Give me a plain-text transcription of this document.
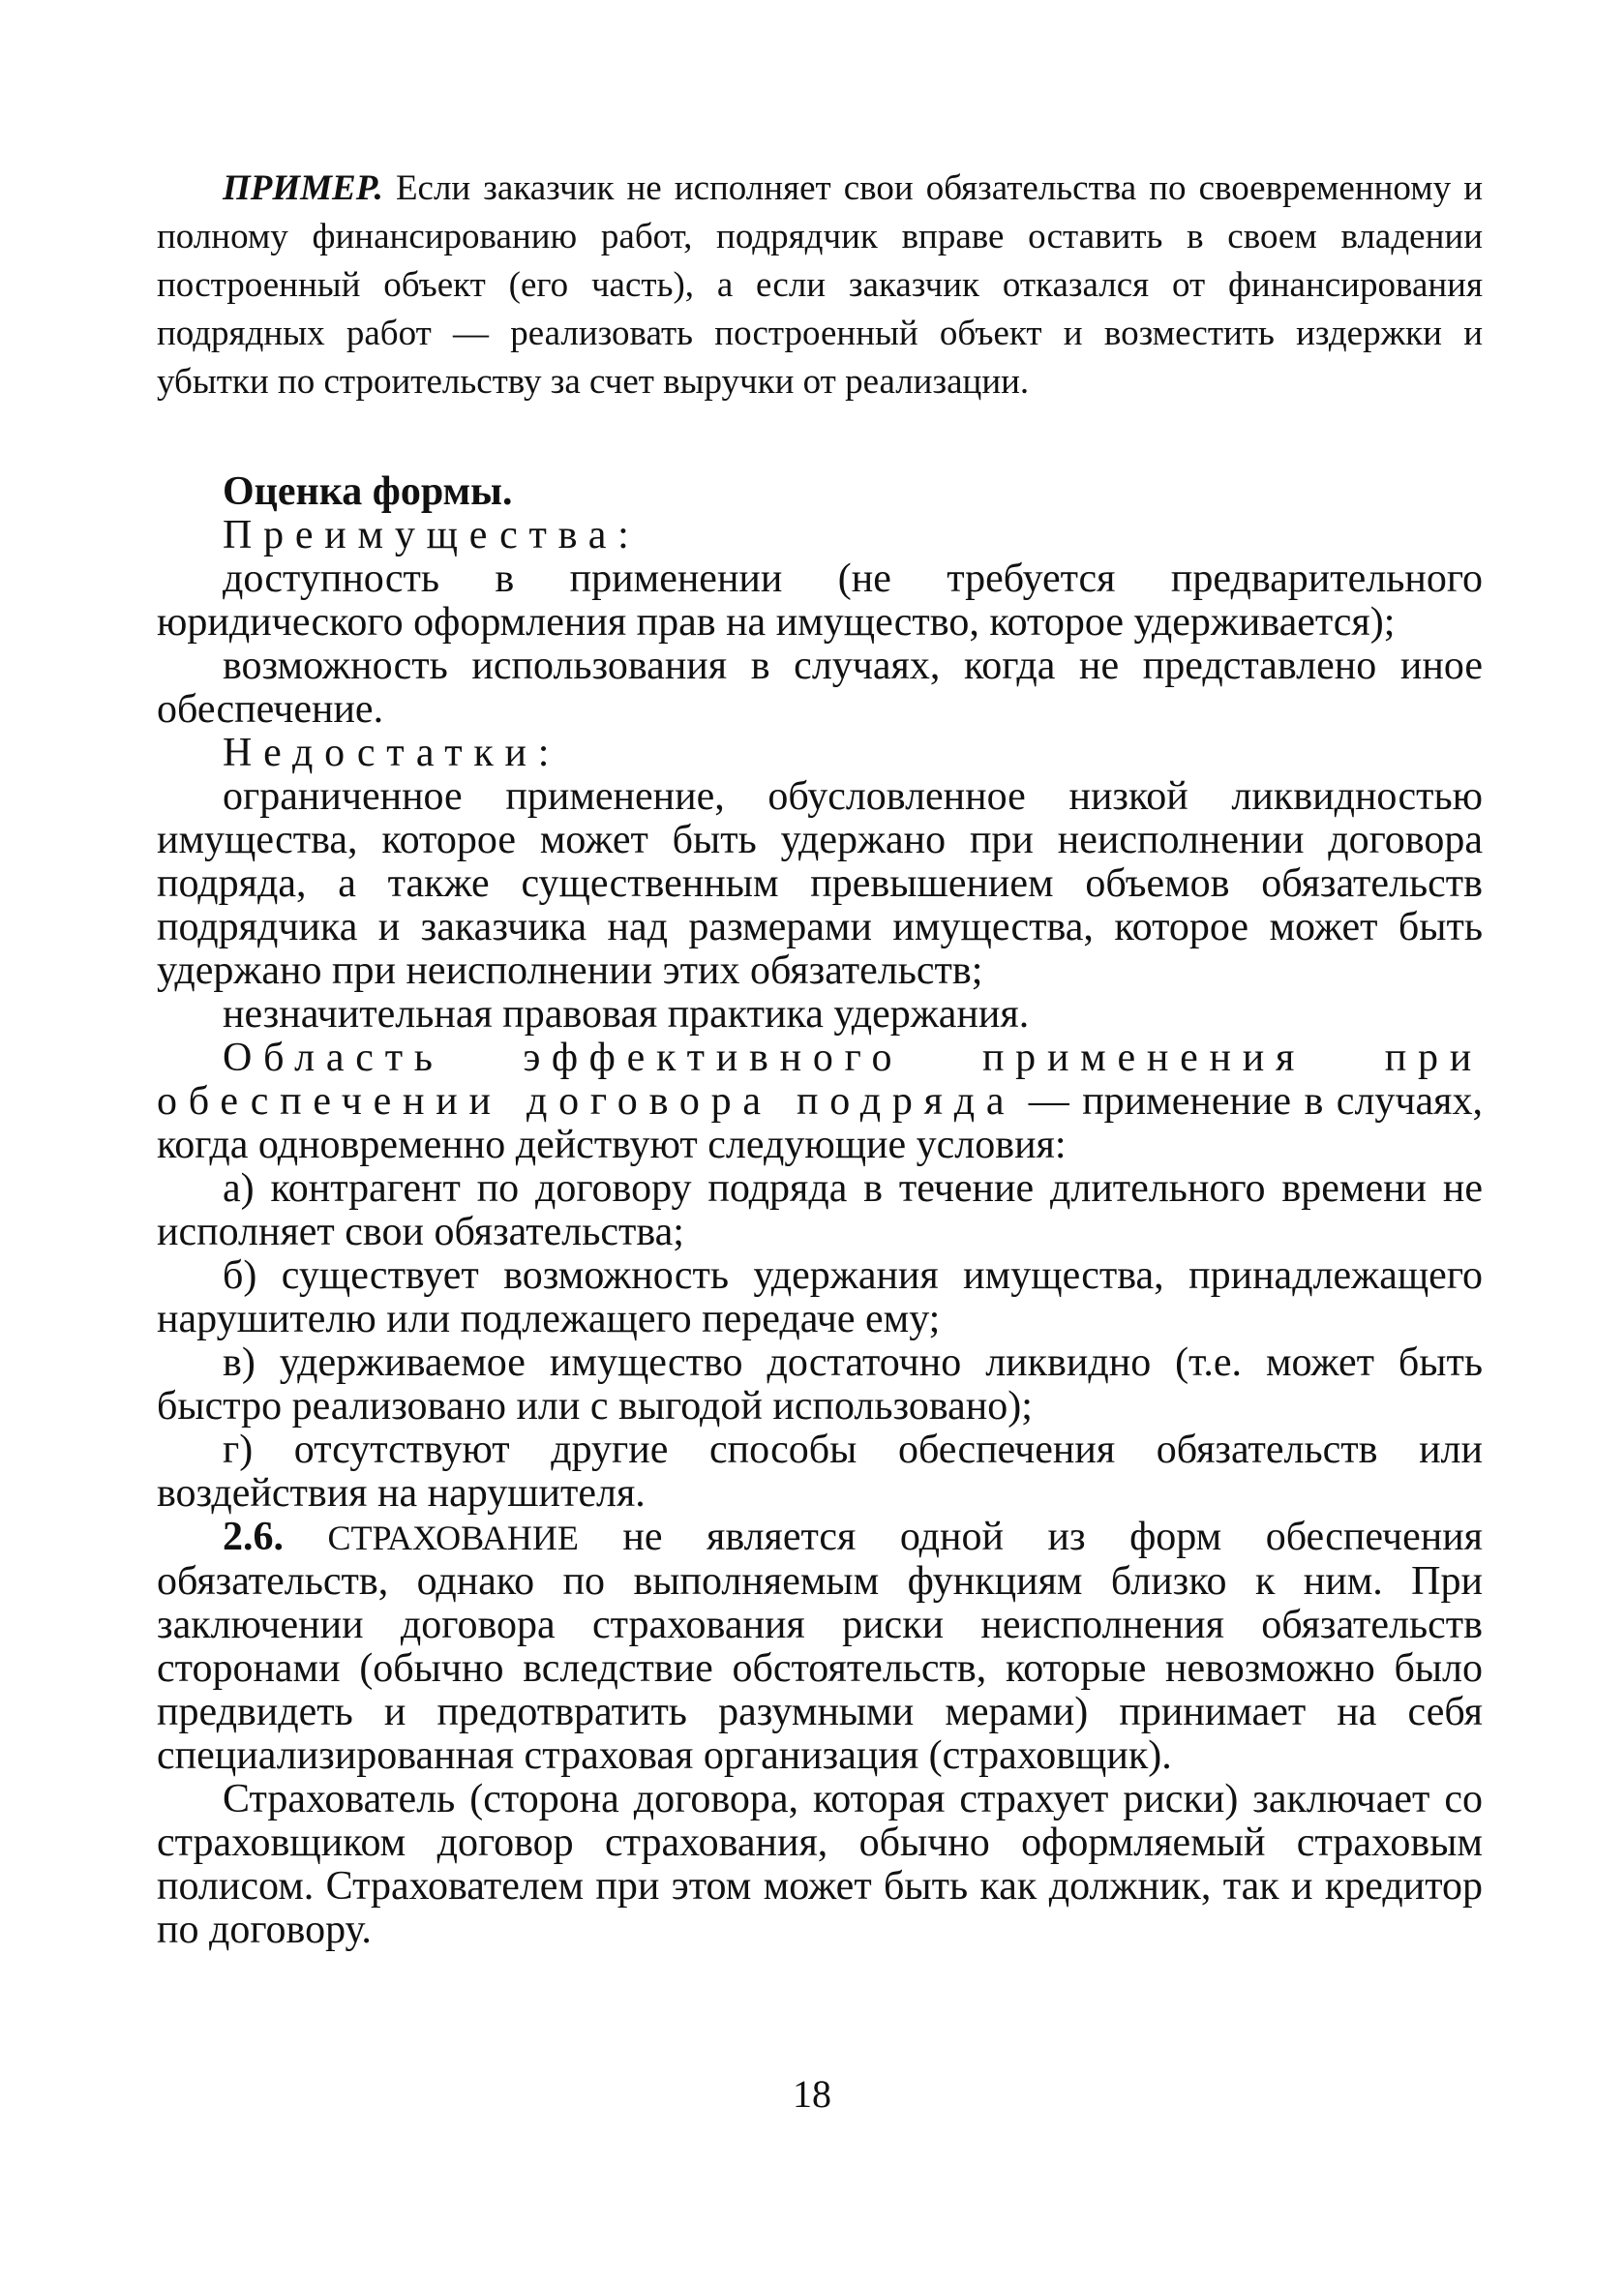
ПРИМЕР. Если заказчик не исполняет свои обязательства по своевременному и полному финансированию работ, подрядчик вправе оставить в своем владении построенный объект (его часть), а если заказчик отказался от финансирования подрядных работ — реализовать построенный объект и возместить издержки и убытки по строительству за счет выручки от реализации.

Оценка формы.
Преимущества:

доступность в применении (не требуется предварительного юридического оформления прав на имущество, которое удерживается);

возможность использования в случаях, когда не представлено иное обеспечение.

Недостатки:

ограниченное применение, обусловленное низкой ликвидностью имущества, которое может быть удержано при неисполнении договора подряда, а также существенным превышением объемов обязательств подрядчика и заказчика над размерами имущества, которое может быть удержано при неисполнении этих обязательств;

незначительная правовая практика удержания.

Область эффективного применения при обеспечении договора подряда — применение в случаях, когда одновременно действуют следующие условия:

а) контрагент по договору подряда в течение длительного времени не исполняет свои обязательства;

б) существует возможность удержания имущества, принадлежащего нарушителю или подлежащего передаче ему;

в) удерживаемое имущество достаточно ликвидно (т.е. может быть быстро реализовано или с выгодой использовано);

г) отсутствуют другие способы обеспечения обязательств или воздействия на нарушителя.

2.6. СТРАХОВАНИЕ не является одной из форм обеспечения обязательств, однако по выполняемым функциям близко к ним. При заключении договора страхования риски неисполнения обязательств сторонами (обычно вследствие обстоятельств, которые невозможно было предвидеть и предотвратить разумными мерами) принимает на себя специализированная страховая организация (страховщик).

Страхователь (сторона договора, которая страхует риски) заключает со страховщиком договор страхования, обычно оформляемый страховым полисом. Страхователем при этом может быть как должник, так и кредитор по договору.

18
